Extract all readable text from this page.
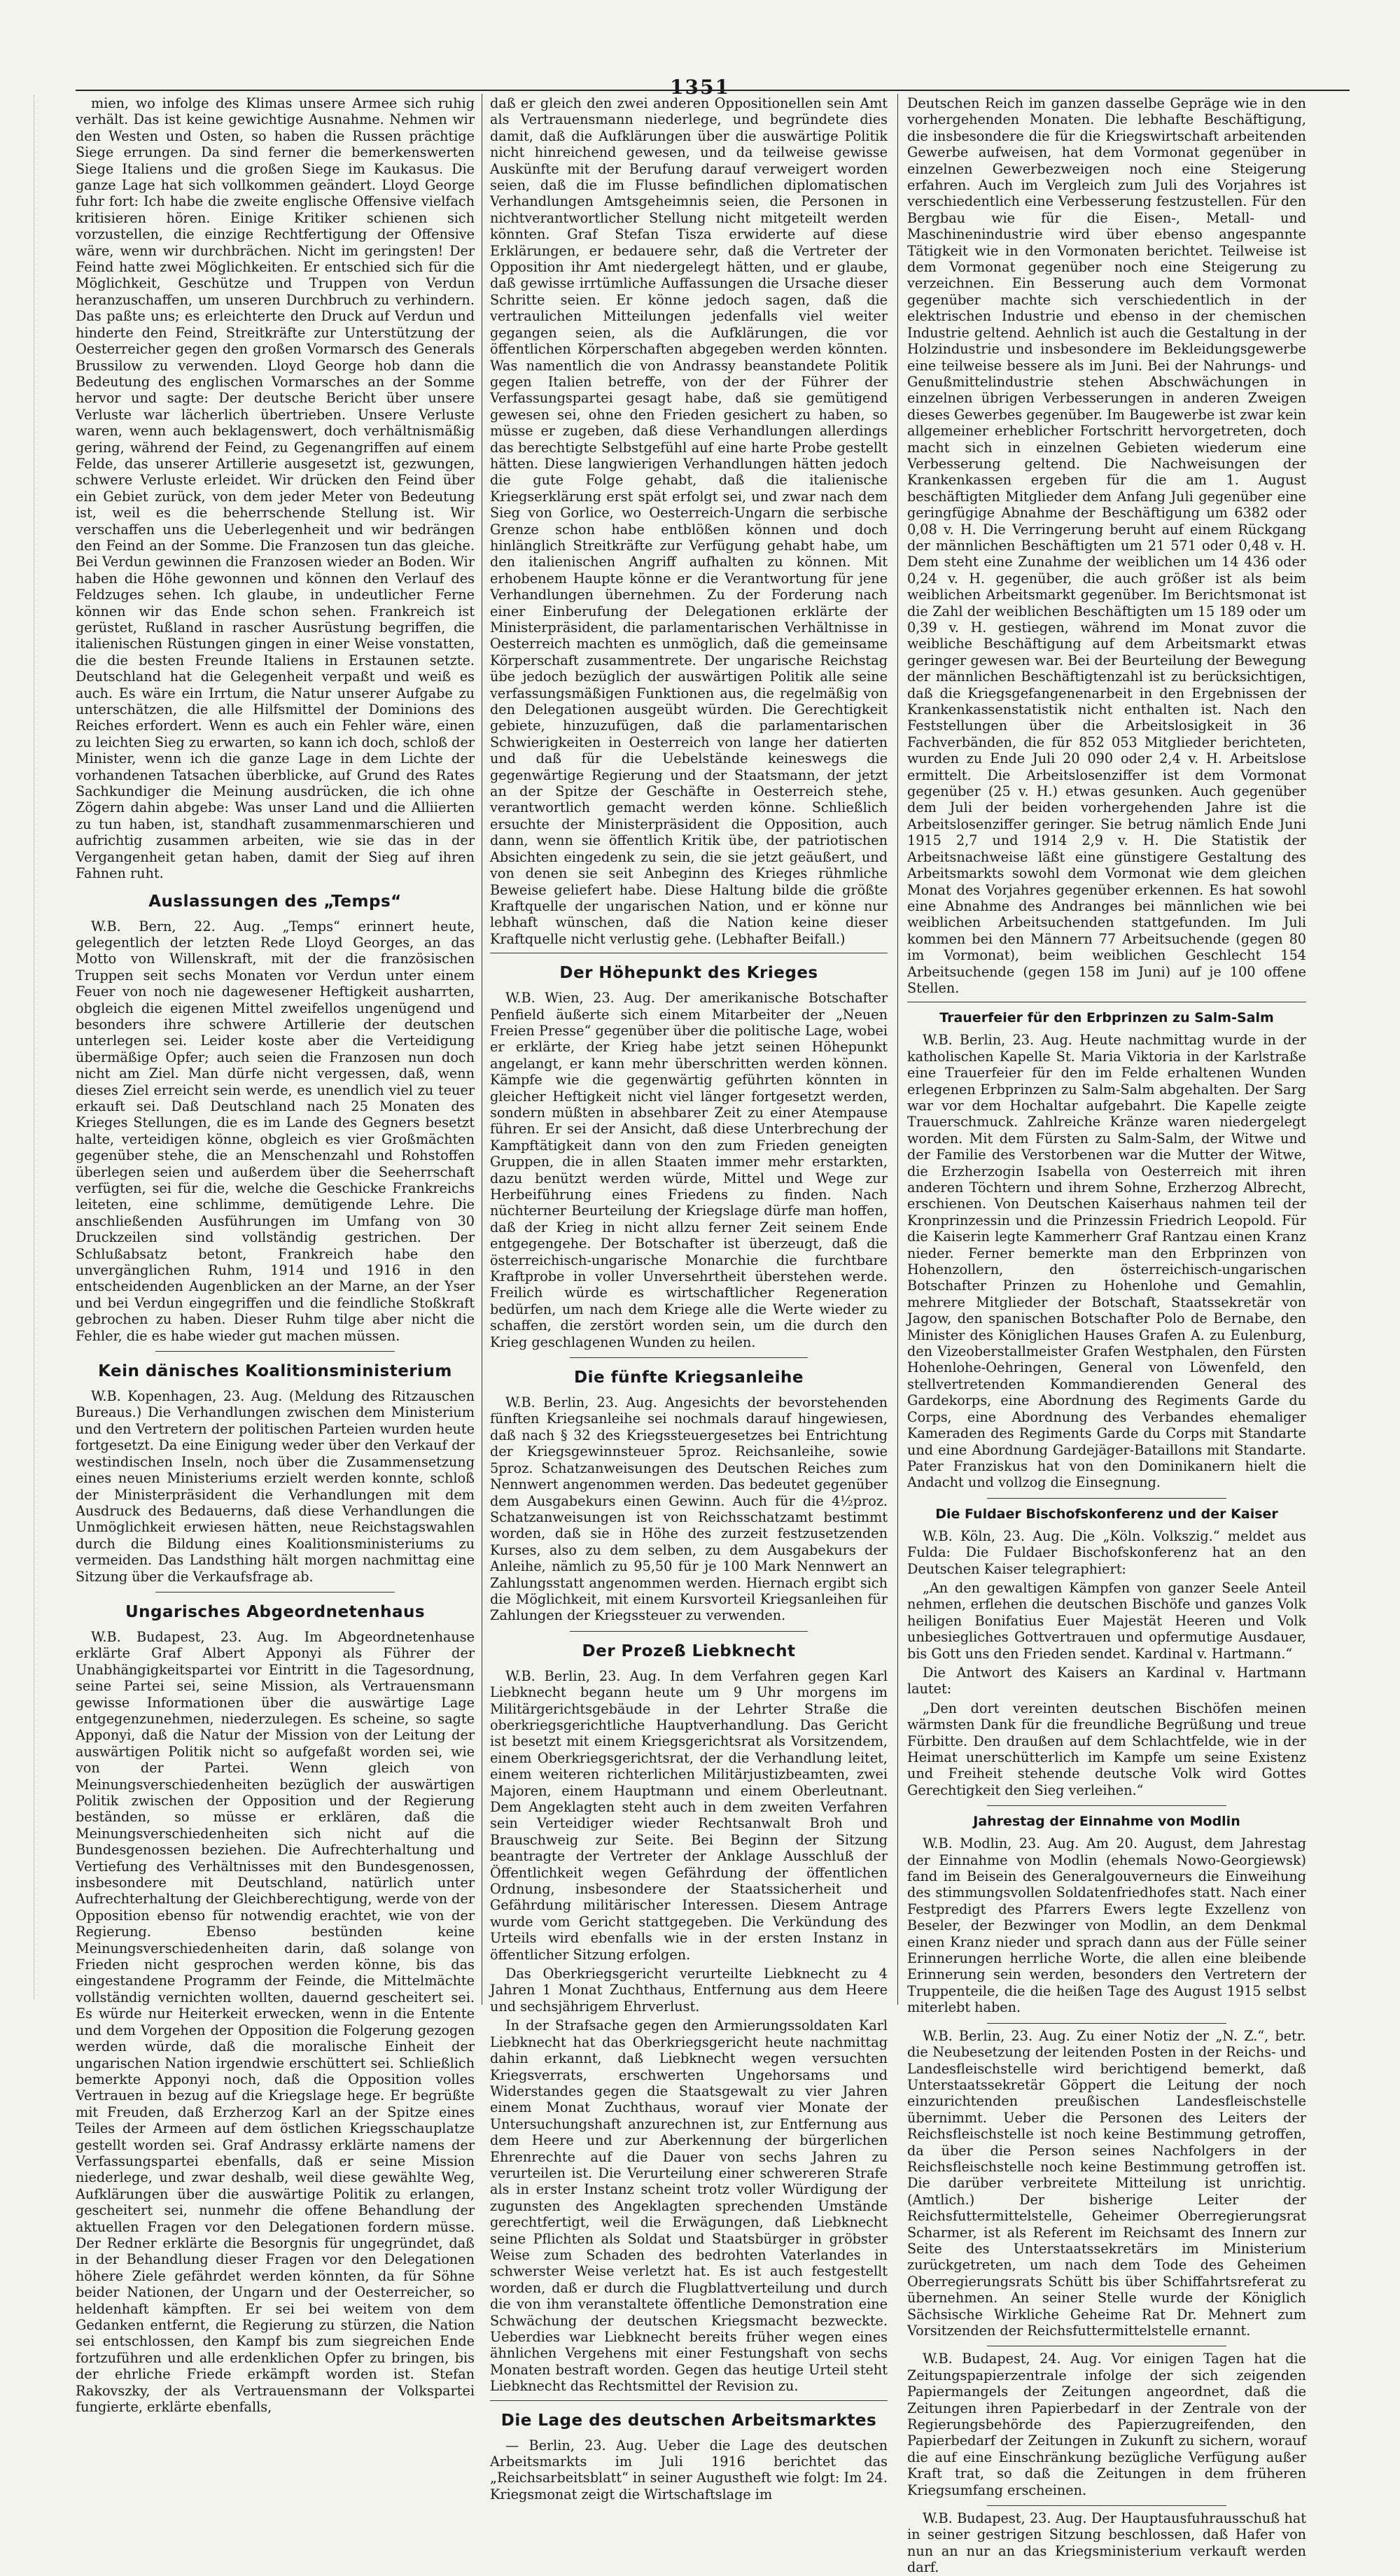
1351

mien, wo infolge des Klimas unsere Armee sich ruhig verhält. Das ist keine gewichtige Ausnahme. Nehmen wir den Westen und Osten, so haben die Russen prächtige Siege errungen. Da sind ferner die bemerkenswerten Siege Italiens und die großen Siege im Kaukasus. Die ganze Lage hat sich vollkommen geändert. Lloyd George fuhr fort: Ich habe die zweite englische Offensive vielfach kritisieren hören. Einige Kritiker schienen sich vorzustellen, die einzige Rechtfertigung der Offensive wäre, wenn wir durchbrächen. Nicht im geringsten! Der Feind hatte zwei Möglichkeiten. Er entschied sich für die Möglichkeit, Geschütze und Truppen von Verdun heranzuschaffen, um unseren Durchbruch zu verhindern. Das paßte uns; es erleichterte den Druck auf Verdun und hinderte den Feind, Streitkräfte zur Unterstützung der Oesterreicher gegen den großen Vormarsch des Generals Brussilow zu verwenden. Lloyd George hob dann die Bedeutung des englischen Vormarsches an der Somme hervor und sagte: Der deutsche Bericht über unsere Verluste war lächerlich übertrieben. Unsere Verluste waren, wenn auch beklagenswert, doch verhältnismäßig gering, während der Feind, zu Gegenangriffen auf einem Felde, das unserer Artillerie ausgesetzt ist, gezwungen, schwere Verluste erleidet. Wir drücken den Feind über ein Gebiet zurück, von dem jeder Meter von Bedeutung ist, weil es die beherrschende Stellung ist. Wir verschaffen uns die Ueberlegenheit und wir bedrängen den Feind an der Somme. Die Franzosen tun das gleiche. Bei Verdun gewinnen die Franzosen wieder an Boden. Wir haben die Höhe gewonnen und können den Verlauf des Feldzuges sehen. Ich glaube, in undeutlicher Ferne können wir das Ende schon sehen. Frankreich ist gerüstet, Rußland in rascher Ausrüstung begriffen, die italienischen Rüstungen gingen in einer Weise vonstatten, die die besten Freunde Italiens in Erstaunen setzte. Deutschland hat die Gelegenheit verpaßt und weiß es auch. Es wäre ein Irrtum, die Natur unserer Aufgabe zu unterschätzen, die alle Hilfsmittel der Dominions des Reiches erfordert. Wenn es auch ein Fehler wäre, einen zu leichten Sieg zu erwarten, so kann ich doch, schloß der Minister, wenn ich die ganze Lage in dem Lichte der vorhandenen Tatsachen überblicke, auf Grund des Rates Sachkundiger die Meinung ausdrücken, die ich ohne Zögern dahin abgebe: Was unser Land und die Alliierten zu tun haben, ist, standhaft zusammenmarschieren und aufrichtig zusammen arbeiten, wie sie das in der Vergangenheit getan haben, damit der Sieg auf ihren Fahnen ruht.

Auslassungen des „Temps“

W.B. Bern, 22. Aug. „Temps“ erinnert heute, gelegentlich der letzten Rede Lloyd Georges, an das Motto von Willenskraft, mit der die französischen Truppen seit sechs Monaten vor Verdun unter einem Feuer von noch nie dagewesener Heftigkeit ausharrten, obgleich die eigenen Mittel zweifellos ungenügend und besonders ihre schwere Artillerie der deutschen unterlegen sei. Leider koste aber die Verteidigung übermäßige Opfer; auch seien die Franzosen nun doch nicht am Ziel. Man dürfe nicht vergessen, daß, wenn dieses Ziel erreicht sein werde, es unendlich viel zu teuer erkauft sei. Daß Deutschland nach 25 Monaten des Krieges Stellungen, die es im Lande des Gegners besetzt halte, verteidigen könne, obgleich es vier Großmächten gegenüber stehe, die an Menschenzahl und Rohstoffen überlegen seien und außerdem über die Seeherrschaft verfügten, sei für die, welche die Geschicke Frankreichs leiteten, eine schlimme, demütigende Lehre. Die anschließenden Ausführungen im Umfang von 30 Druckzeilen sind vollständig gestrichen. Der Schlußabsatz betont, Frankreich habe den unvergänglichen Ruhm, 1914 und 1916 in den entscheidenden Augenblicken an der Marne, an der Yser und bei Verdun eingegriffen und die feindliche Stoßkraft gebrochen zu haben. Dieser Ruhm tilge aber nicht die Fehler, die es habe wieder gut machen müssen.

Kein dänisches Koalitionsministerium

W.B. Kopenhagen, 23. Aug. (Meldung des Ritzauschen Bureaus.) Die Verhandlungen zwischen dem Ministerium und den Vertretern der politischen Parteien wurden heute fortgesetzt. Da eine Einigung weder über den Verkauf der westindischen Inseln, noch über die Zusammensetzung eines neuen Ministeriums erzielt werden konnte, schloß der Ministerpräsident die Verhandlungen mit dem Ausdruck des Bedauerns, daß diese Verhandlungen die Unmöglichkeit erwiesen hätten, neue Reichstagswahlen durch die Bildung eines Koalitionsministeriums zu vermeiden. Das Landsthing hält morgen nachmittag eine Sitzung über die Verkaufsfrage ab.

Ungarisches Abgeordnetenhaus

W.B. Budapest, 23. Aug. Im Abgeordnetenhause erklärte Graf Albert Apponyi als Führer der Unabhängigkeitspartei vor Eintritt in die Tagesordnung, seine Partei sei, seine Mission, als Vertrauensmann gewisse Informationen über die auswärtige Lage entgegenzunehmen, niederzulegen. Es scheine, so sagte Apponyi, daß die Natur der Mission von der Leitung der auswärtigen Politik nicht so aufgefaßt worden sei, wie von der Partei. Wenn gleich von Meinungsverschiedenheiten bezüglich der auswärtigen Politik zwischen der Opposition und der Regierung beständen, so müsse er erklären, daß die Meinungsverschiedenheiten sich nicht auf die Bundesgenossen beziehen. Die Aufrechterhaltung und Vertiefung des Verhältnisses mit den Bundesgenossen, insbesondere mit Deutschland, natürlich unter Aufrechterhaltung der Gleichberechtigung, werde von der Opposition ebenso für notwendig erachtet, wie von der Regierung. Ebenso bestünden keine Meinungsverschiedenheiten darin, daß solange von Frieden nicht gesprochen werden könne, bis das eingestandene Programm der Feinde, die Mittelmächte vollständig vernichten wollten, dauernd gescheitert sei. Es würde nur Heiterkeit erwecken, wenn in die Entente und dem Vorgehen der Opposition die Folgerung gezogen werden würde, daß die moralische Einheit der ungarischen Nation irgendwie erschüttert sei. Schließlich bemerkte Apponyi noch, daß die Opposition volles Vertrauen in bezug auf die Kriegslage hege. Er begrüßte mit Freuden, daß Erzherzog Karl an der Spitze eines Teiles der Armeen auf dem östlichen Kriegsschauplatze gestellt worden sei. Graf Andrassy erklärte namens der Verfassungspartei ebenfalls, daß er seine Mission niederlege, und zwar deshalb, weil diese gewählte Weg, Aufklärungen über die auswärtige Politik zu erlangen, gescheitert sei, nunmehr die offene Behandlung der aktuellen Fragen vor den Delegationen fordern müsse. Der Redner erklärte die Besorgnis für ungegründet, daß in der Behandlung dieser Fragen vor den Delegationen höhere Ziele gefährdet werden könnten, da für Söhne beider Nationen, der Ungarn und der Oesterreicher, so heldenhaft kämpften. Er sei bei weitem von dem Gedanken entfernt, die Regierung zu stürzen, die Nation sei entschlossen, den Kampf bis zum siegreichen Ende fortzuführen und alle erdenklichen Opfer zu bringen, bis der ehrliche Friede erkämpft worden ist. Stefan Rakovszky, der als Vertrauensmann der Volkspartei fungierte, erklärte ebenfalls,

daß er gleich den zwei anderen Oppositionellen sein Amt als Vertrauensmann niederlege, und begründete dies damit, daß die Aufklärungen über die auswärtige Politik nicht hinreichend gewesen, und da teilweise gewisse Auskünfte mit der Berufung darauf verweigert worden seien, daß die im Flusse befindlichen diplomatischen Verhandlungen Amtsgeheimnis seien, die Personen in nichtverantwortlicher Stellung nicht mitgeteilt werden könnten. Graf Stefan Tisza erwiderte auf diese Erklärungen, er bedauere sehr, daß die Vertreter der Opposition ihr Amt niedergelegt hätten, und er glaube, daß gewisse irrtümliche Auffassungen die Ursache dieser Schritte seien. Er könne jedoch sagen, daß die vertraulichen Mitteilungen jedenfalls viel weiter gegangen seien, als die Aufklärungen, die vor öffentlichen Körperschaften abgegeben werden könnten. Was namentlich die von Andrassy beanstandete Politik gegen Italien betreffe, von der der Führer der Verfassungspartei gesagt habe, daß sie gemütigend gewesen sei, ohne den Frieden gesichert zu haben, so müsse er zugeben, daß diese Verhandlungen allerdings das berechtigte Selbstgefühl auf eine harte Probe gestellt hätten. Diese langwierigen Verhandlungen hätten jedoch die gute Folge gehabt, daß die italienische Kriegserklärung erst spät erfolgt sei, und zwar nach dem Sieg von Gorlice, wo Oesterreich-Ungarn die serbische Grenze schon habe entblößen können und doch hinlänglich Streitkräfte zur Verfügung gehabt habe, um den italienischen Angriff aufhalten zu können. Mit erhobenem Haupte könne er die Verantwortung für jene Verhandlungen übernehmen. Zu der Forderung nach einer Einberufung der Delegationen erklärte der Ministerpräsident, die parlamentarischen Verhältnisse in Oesterreich machten es unmöglich, daß die gemeinsame Körperschaft zusammentrete. Der ungarische Reichstag übe jedoch bezüglich der auswärtigen Politik alle seine verfassungsmäßigen Funktionen aus, die regelmäßig von den Delegationen ausgeübt würden. Die Gerechtigkeit gebiete, hinzuzufügen, daß die parlamentarischen Schwierigkeiten in Oesterreich von lange her datierten und daß für die Uebelstände keineswegs die gegenwärtige Regierung und der Staatsmann, der jetzt an der Spitze der Geschäfte in Oesterreich stehe, verantwortlich gemacht werden könne. Schließlich ersuchte der Ministerpräsident die Opposition, auch dann, wenn sie öffentlich Kritik übe, der patriotischen Absichten eingedenk zu sein, die sie jetzt geäußert, und von denen sie seit Anbeginn des Krieges rühmliche Beweise geliefert habe. Diese Haltung bilde die größte Kraftquelle der ungarischen Nation, und er könne nur lebhaft wünschen, daß die Nation keine dieser Kraftquelle nicht verlustig gehe. (Lebhafter Beifall.)

Der Höhepunkt des Krieges

W.B. Wien, 23. Aug. Der amerikanische Botschafter Penfield äußerte sich einem Mitarbeiter der „Neuen Freien Presse“ gegenüber über die politische Lage, wobei er erklärte, der Krieg habe jetzt seinen Höhepunkt angelangt, er kann mehr überschritten werden können. Kämpfe wie die gegenwärtig geführten könnten in gleicher Heftigkeit nicht viel länger fortgesetzt werden, sondern müßten in absehbarer Zeit zu einer Atempause führen. Er sei der Ansicht, daß diese Unterbrechung der Kampftätigkeit dann von den zum Frieden geneigten Gruppen, die in allen Staaten immer mehr erstarkten, dazu benützt werden würde, Mittel und Wege zur Herbeiführung eines Friedens zu finden. Nach nüchterner Beurteilung der Kriegslage dürfe man hoffen, daß der Krieg in nicht allzu ferner Zeit seinem Ende entgegengehe. Der Botschafter ist überzeugt, daß die österreichisch-ungarische Monarchie die furchtbare Kraftprobe in voller Unversehrtheit überstehen werde. Freilich würde es wirtschaftlicher Regeneration bedürfen, um nach dem Kriege alle die Werte wieder zu schaffen, die zerstört worden sein, um die durch den Krieg geschlagenen Wunden zu heilen.

Die fünfte Kriegsanleihe

W.B. Berlin, 23. Aug. Angesichts der bevorstehenden fünften Kriegsanleihe sei nochmals darauf hingewiesen, daß nach § 32 des Kriegssteuergesetzes bei Entrichtung der Kriegsgewinnsteuer 5proz. Reichsanleihe, sowie 5proz. Schatzanweisungen des Deutschen Reiches zum Nennwert angenommen werden. Das bedeutet gegenüber dem Ausgabekurs einen Gewinn. Auch für die 4½proz. Schatzanweisungen ist von Reichsschatzamt bestimmt worden, daß sie in Höhe des zurzeit festzusetzenden Kurses, also zu dem selben, zu dem Ausgabekurs der Anleihe, nämlich zu 95,50 für je 100 Mark Nennwert an Zahlungsstatt angenommen werden. Hiernach ergibt sich die Möglichkeit, mit einem Kursvorteil Kriegsanleihen für Zahlungen der Kriegssteuer zu verwenden.

Der Prozeß Liebknecht

W.B. Berlin, 23. Aug. In dem Verfahren gegen Karl Liebknecht begann heute um 9 Uhr morgens im Militärgerichtsgebäude in der Lehrter Straße die oberkriegsgerichtliche Hauptverhandlung. Das Gericht ist besetzt mit einem Kriegsgerichtsrat als Vorsitzendem, einem Oberkriegsgerichtsrat, der die Verhandlung leitet, einem weiteren richterlichen Militärjustizbeamten, zwei Majoren, einem Hauptmann und einem Oberleutnant. Dem Angeklagten steht auch in dem zweiten Verfahren sein Verteidiger wieder Rechtsanwalt Broh und Brauschweig zur Seite. Bei Beginn der Sitzung beantragte der Vertreter der Anklage Ausschluß der Öffentlichkeit wegen Gefährdung der öffentlichen Ordnung, insbesondere der Staatssicherheit und Gefährdung militärischer Interessen. Diesem Antrage wurde vom Gericht stattgegeben. Die Verkündung des Urteils wird ebenfalls wie in der ersten Instanz in öffentlicher Sitzung erfolgen.

Das Oberkriegsgericht verurteilte Liebknecht zu 4 Jahren 1 Monat Zuchthaus, Entfernung aus dem Heere und sechsjährigem Ehrverlust.

In der Strafsache gegen den Armierungssoldaten Karl Liebknecht hat das Oberkriegsgericht heute nachmittag dahin erkannt, daß Liebknecht wegen versuchten Kriegsverrats, erschwerten Ungehorsams und Widerstandes gegen die Staatsgewalt zu vier Jahren einem Monat Zuchthaus, worauf vier Monate der Untersuchungshaft anzurechnen ist, zur Entfernung aus dem Heere und zur Aberkennung der bürgerlichen Ehrenrechte auf die Dauer von sechs Jahren zu verurteilen ist. Die Verurteilung einer schwereren Strafe als in erster Instanz scheint trotz voller Würdigung der zugunsten des Angeklagten sprechenden Umstände gerechtfertigt, weil die Erwägungen, daß Liebknecht seine Pflichten als Soldat und Staatsbürger in gröbster Weise zum Schaden des bedrohten Vaterlandes in schwerster Weise verletzt hat. Es ist auch festgestellt worden, daß er durch die Flugblattverteilung und durch die von ihm veranstaltete öffentliche Demonstration eine Schwächung der deutschen Kriegsmacht bezweckte. Ueberdies war Liebknecht bereits früher wegen eines ähnlichen Vergehens mit einer Festungshaft von sechs Monaten bestraft worden. Gegen das heutige Urteil steht Liebknecht das Rechtsmittel der Revision zu.

Die Lage des deutschen Arbeitsmarktes

— Berlin, 23. Aug. Ueber die Lage des deutschen Arbeitsmarkts im Juli 1916 berichtet das „Reichsarbeitsblatt“ in seiner Augustheft wie folgt: Im 24. Kriegsmonat zeigt die Wirtschaftslage im

Deutschen Reich im ganzen dasselbe Gepräge wie in den vorhergehenden Monaten. Die lebhafte Beschäftigung, die insbesondere die für die Kriegswirtschaft arbeitenden Gewerbe aufweisen, hat dem Vormonat gegenüber in einzelnen Gewerbezweigen noch eine Steigerung erfahren. Auch im Vergleich zum Juli des Vorjahres ist verschiedentlich eine Verbesserung festzustellen. Für den Bergbau wie für die Eisen-, Metall- und Maschinenindustrie wird über ebenso angespannte Tätigkeit wie in den Vormonaten berichtet. Teilweise ist dem Vormonat gegenüber noch eine Steigerung zu verzeichnen. Ein Besserung auch dem Vormonat gegenüber machte sich verschiedentlich in der elektrischen Industrie und ebenso in der chemischen Industrie geltend. Aehnlich ist auch die Gestaltung in der Holzindustrie und insbesondere im Bekleidungsgewerbe eine teilweise bessere als im Juni. Bei der Nahrungs- und Genußmittelindustrie stehen Abschwächungen in einzelnen übrigen Verbesserungen in anderen Zweigen dieses Gewerbes gegenüber. Im Baugewerbe ist zwar kein allgemeiner erheblicher Fortschritt hervorgetreten, doch macht sich in einzelnen Gebieten wiederum eine Verbesserung geltend. Die Nachweisungen der Krankenkassen ergeben für die am 1. August beschäftigten Mitglieder dem Anfang Juli gegenüber eine geringfügige Abnahme der Beschäftigung um 6382 oder 0,08 v. H. Die Verringerung beruht auf einem Rückgang der männlichen Beschäftigten um 21 571 oder 0,48 v. H. Dem steht eine Zunahme der weiblichen um 14 436 oder 0,24 v. H. gegenüber, die auch größer ist als beim weiblichen Arbeitsmarkt gegenüber. Im Berichtsmonat ist die Zahl der weiblichen Beschäftigten um 15 189 oder um 0,39 v. H. gestiegen, während im Monat zuvor die weibliche Beschäftigung auf dem Arbeitsmarkt etwas geringer gewesen war. Bei der Beurteilung der Bewegung der männlichen Beschäftigtenzahl ist zu berücksichtigen, daß die Kriegsgefangenenarbeit in den Ergebnissen der Krankenkassenstatistik nicht enthalten ist. Nach den Feststellungen über die Arbeitslosigkeit in 36 Fachverbänden, die für 852 053 Mitglieder berichteten, wurden zu Ende Juli 20 090 oder 2,4 v. H. Arbeitslose ermittelt. Die Arbeitslosenziffer ist dem Vormonat gegenüber (25 v. H.) etwas gesunken. Auch gegenüber dem Juli der beiden vorhergehenden Jahre ist die Arbeitslosenziffer geringer. Sie betrug nämlich Ende Juni 1915 2,7 und 1914 2,9 v. H. Die Statistik der Arbeitsnachweise läßt eine günstigere Gestaltung des Arbeitsmarkts sowohl dem Vormonat wie dem gleichen Monat des Vorjahres gegenüber erkennen. Es hat sowohl eine Abnahme des Andranges bei männlichen wie bei weiblichen Arbeitsuchenden stattgefunden. Im Juli kommen bei den Männern 77 Arbeitsuchende (gegen 80 im Vormonat), beim weiblichen Geschlecht 154 Arbeitsuchende (gegen 158 im Juni) auf je 100 offene Stellen.

Trauerfeier für den Erbprinzen zu Salm-Salm

W.B. Berlin, 23. Aug. Heute nachmittag wurde in der katholischen Kapelle St. Maria Viktoria in der Karlstraße eine Trauerfeier für den im Felde erhaltenen Wunden erlegenen Erbprinzen zu Salm-Salm abgehalten. Der Sarg war vor dem Hochaltar aufgebahrt. Die Kapelle zeigte Trauerschmuck. Zahlreiche Kränze waren niedergelegt worden. Mit dem Fürsten zu Salm-Salm, der Witwe und der Familie des Verstorbenen war die Mutter der Witwe, die Erzherzogin Isabella von Oesterreich mit ihren anderen Töchtern und ihrem Sohne, Erzherzog Albrecht, erschienen. Von Deutschen Kaiserhaus nahmen teil der Kronprinzessin und die Prinzessin Friedrich Leopold. Für die Kaiserin legte Kammerherr Graf Rantzau einen Kranz nieder. Ferner bemerkte man den Erbprinzen von Hohenzollern, den österreichisch-ungarischen Botschafter Prinzen zu Hohenlohe und Gemahlin, mehrere Mitglieder der Botschaft, Staatssekretär von Jagow, den spanischen Botschafter Polo de Bernabe, den Minister des Königlichen Hauses Grafen A. zu Eulenburg, den Vizeoberstallmeister Grafen Westphalen, den Fürsten Hohenlohe-Oehringen, General von Löwenfeld, den stellvertretenden Kommandierenden General des Gardekorps, eine Abordnung des Regiments Garde du Corps, eine Abordnung des Verbandes ehemaliger Kameraden des Regiments Garde du Corps mit Standarte und eine Abordnung Gardejäger-Bataillons mit Standarte. Pater Franziskus hat von den Dominikanern hielt die Andacht und vollzog die Einsegnung.

Die Fuldaer Bischofskonferenz und der Kaiser

W.B. Köln, 23. Aug. Die „Köln. Volkszig.“ meldet aus Fulda: Die Fuldaer Bischofskonferenz hat an den Deutschen Kaiser telegraphiert:

„An den gewaltigen Kämpfen von ganzer Seele Anteil nehmen, erflehen die deutschen Bischöfe und ganzes Volk heiligen Bonifatius Euer Majestät Heeren und Volk unbesiegliches Gottvertrauen und opfermutige Ausdauer, bis Gott uns den Frieden sendet. Kardinal v. Hartmann.“

Die Antwort des Kaisers an Kardinal v. Hartmann lautet:

„Den dort vereinten deutschen Bischöfen meinen wärmsten Dank für die freundliche Begrüßung und treue Fürbitte. Den draußen auf dem Schlachtfelde, wie in der Heimat unerschütterlich im Kampfe um seine Existenz und Freiheit stehende deutsche Volk wird Gottes Gerechtigkeit den Sieg verleihen.“

Jahrestag der Einnahme von Modlin

W.B. Modlin, 23. Aug. Am 20. August, dem Jahrestag der Einnahme von Modlin (ehemals Nowo-Georgiewsk) fand im Beisein des Generalgouverneurs die Einweihung des stimmungsvollen Soldatenfriedhofes statt. Nach einer Festpredigt des Pfarrers Ewers legte Exzellenz von Beseler, der Bezwinger von Modlin, an dem Denkmal einen Kranz nieder und sprach dann aus der Fülle seiner Erinnerungen herrliche Worte, die allen eine bleibende Erinnerung sein werden, besonders den Vertretern der Truppenteile, die die heißen Tage des August 1915 selbst miterlebt haben.

W.B. Berlin, 23. Aug. Zu einer Notiz der „N. Z.“, betr. die Neubesetzung der leitenden Posten in der Reichs- und Landesfleischstelle wird berichtigend bemerkt, daß Unterstaatssekretär Göppert die Leitung der noch einzurichtenden preußischen Landesfleischstelle übernimmt. Ueber die Personen des Leiters der Reichsfleischstelle ist noch keine Bestimmung getroffen, da über die Person seines Nachfolgers in der Reichsfleischstelle noch keine Bestimmung getroffen ist. Die darüber verbreitete Mitteilung ist unrichtig. (Amtlich.) Der bisherige Leiter der Reichsfuttermittelstelle, Geheimer Oberregierungsrat Scharmer, ist als Referent im Reichsamt des Innern zur Seite des Unterstaatssekretärs im Ministerium zurückgetreten, um nach dem Tode des Geheimen Oberregierungsrats Schütt bis über Schiffahrtsreferat zu übernehmen. An seiner Stelle wurde der Königlich Sächsische Wirkliche Geheime Rat Dr. Mehnert zum Vorsitzenden der Reichsfuttermittelstelle ernannt.

W.B. Budapest, 24. Aug. Vor einigen Tagen hat die Zeitungspapierzentrale infolge der sich zeigenden Papiermangels der Zeitungen angeordnet, daß die Zeitungen ihren Papierbedarf in der Zentrale von der Regierungsbehörde des Papierzugreifenden, den Papierbedarf der Zeitungen in Zukunft zu sichern, worauf die auf eine Einschränkung bezügliche Verfügung außer Kraft trat, so daß die Zeitungen in dem früheren Kriegsumfang erscheinen.

W.B. Budapest, 23. Aug. Der Hauptausfuhrausschuß hat in seiner gestrigen Sitzung beschlossen, daß Hafer von nun an nur an das Kriegsministerium verkauft werden darf.
